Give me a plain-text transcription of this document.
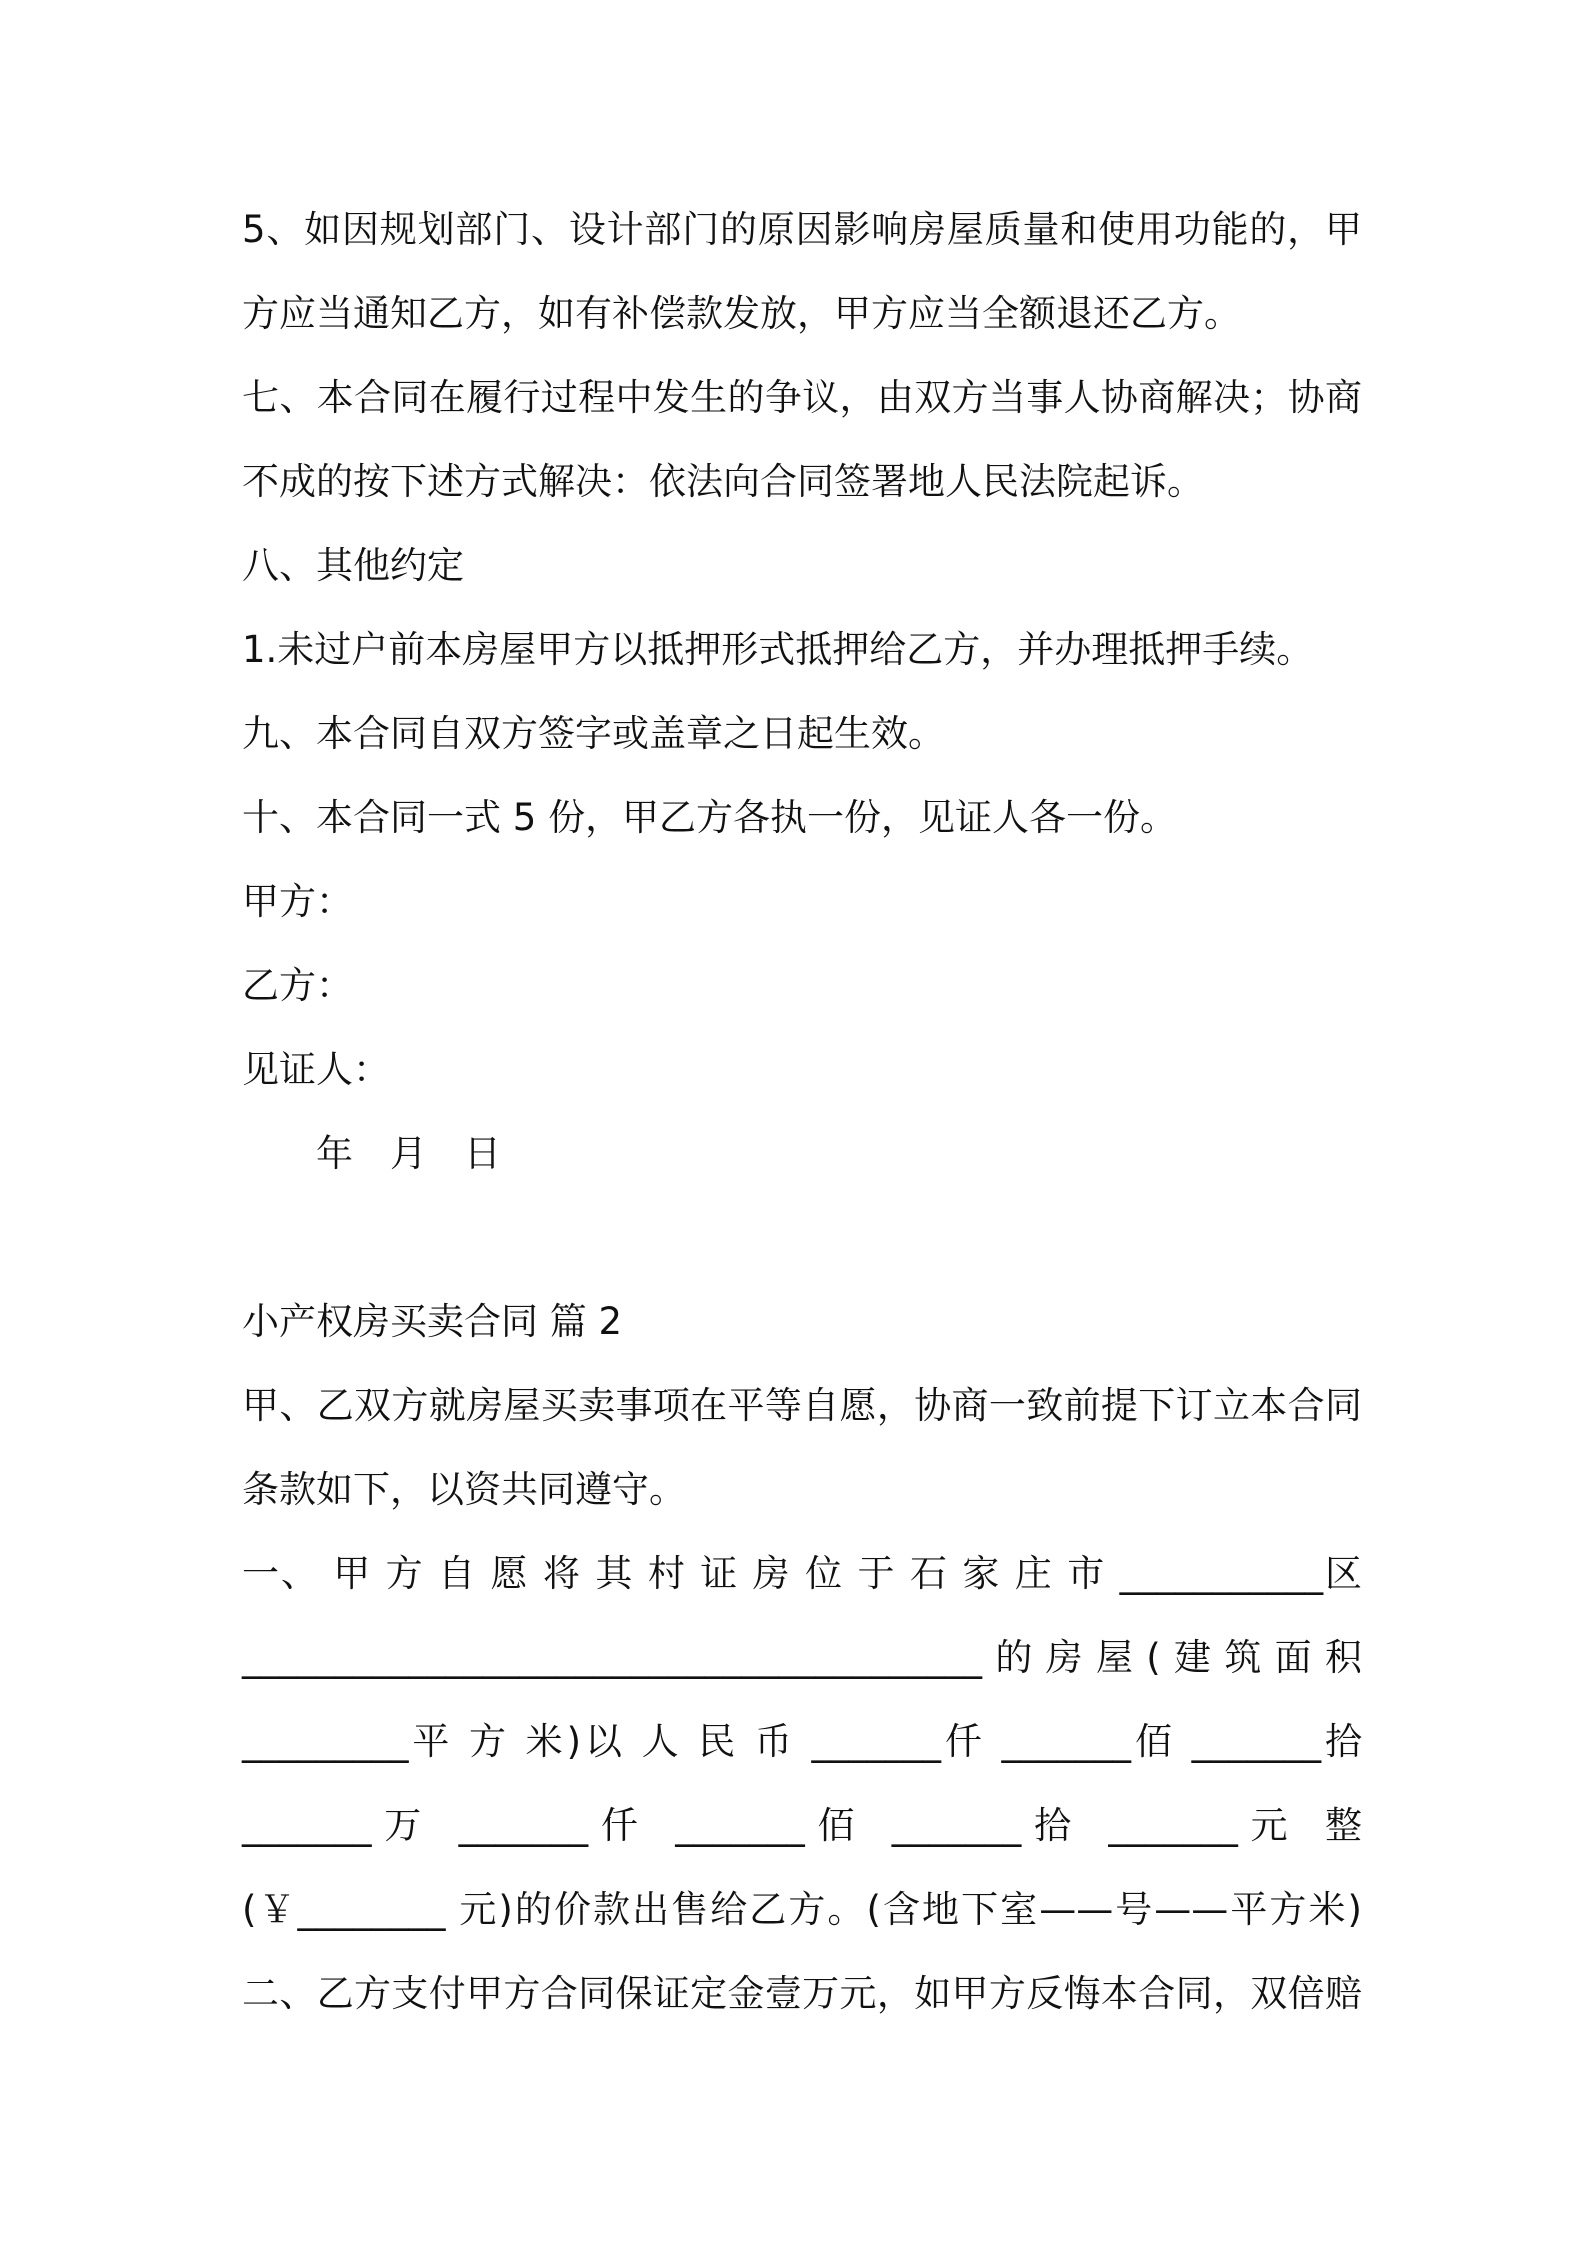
5、如因规划部门、设计部门的原因影响房屋质量和使用功能的，甲
方应当通知乙方，如有补偿款发放，甲方应当全额退还乙方。
七、本合同在履行过程中发生的争议，由双方当事人协商解决；协商
不成的按下述方式解决：依法向合同签署地人民法院起诉。
八、其他约定
1.未过户前本房屋甲方以抵押形式抵押给乙方，并办理抵押手续。
九、本合同自双方签字或盖章之日起生效。
十、本合同一式 5 份，甲乙方各执一份，见证人各一份。
甲方：
乙方：
见证人：
年　月　日
小产权房买卖合同 篇 2
甲、乙双方就房屋买卖事项在平等自愿，协商一致前提下订立本合同
条款如下，以资共同遵守。
一、 甲 方 自 愿 将 其 村 证 房 位 于 石 家 庄 市 ___________区
________________________________________的房屋(建筑面积
_________平 方 米)以 人 民 币 _______仟 _______佰 _______拾
_______万 _______仟 _______佰 _______拾 _______元 整
(￥________ 元)的价款出售给乙方。(含地下室——号——平方米)
二、乙方支付甲方合同保证定金壹万元，如甲方反悔本合同，双倍赔
